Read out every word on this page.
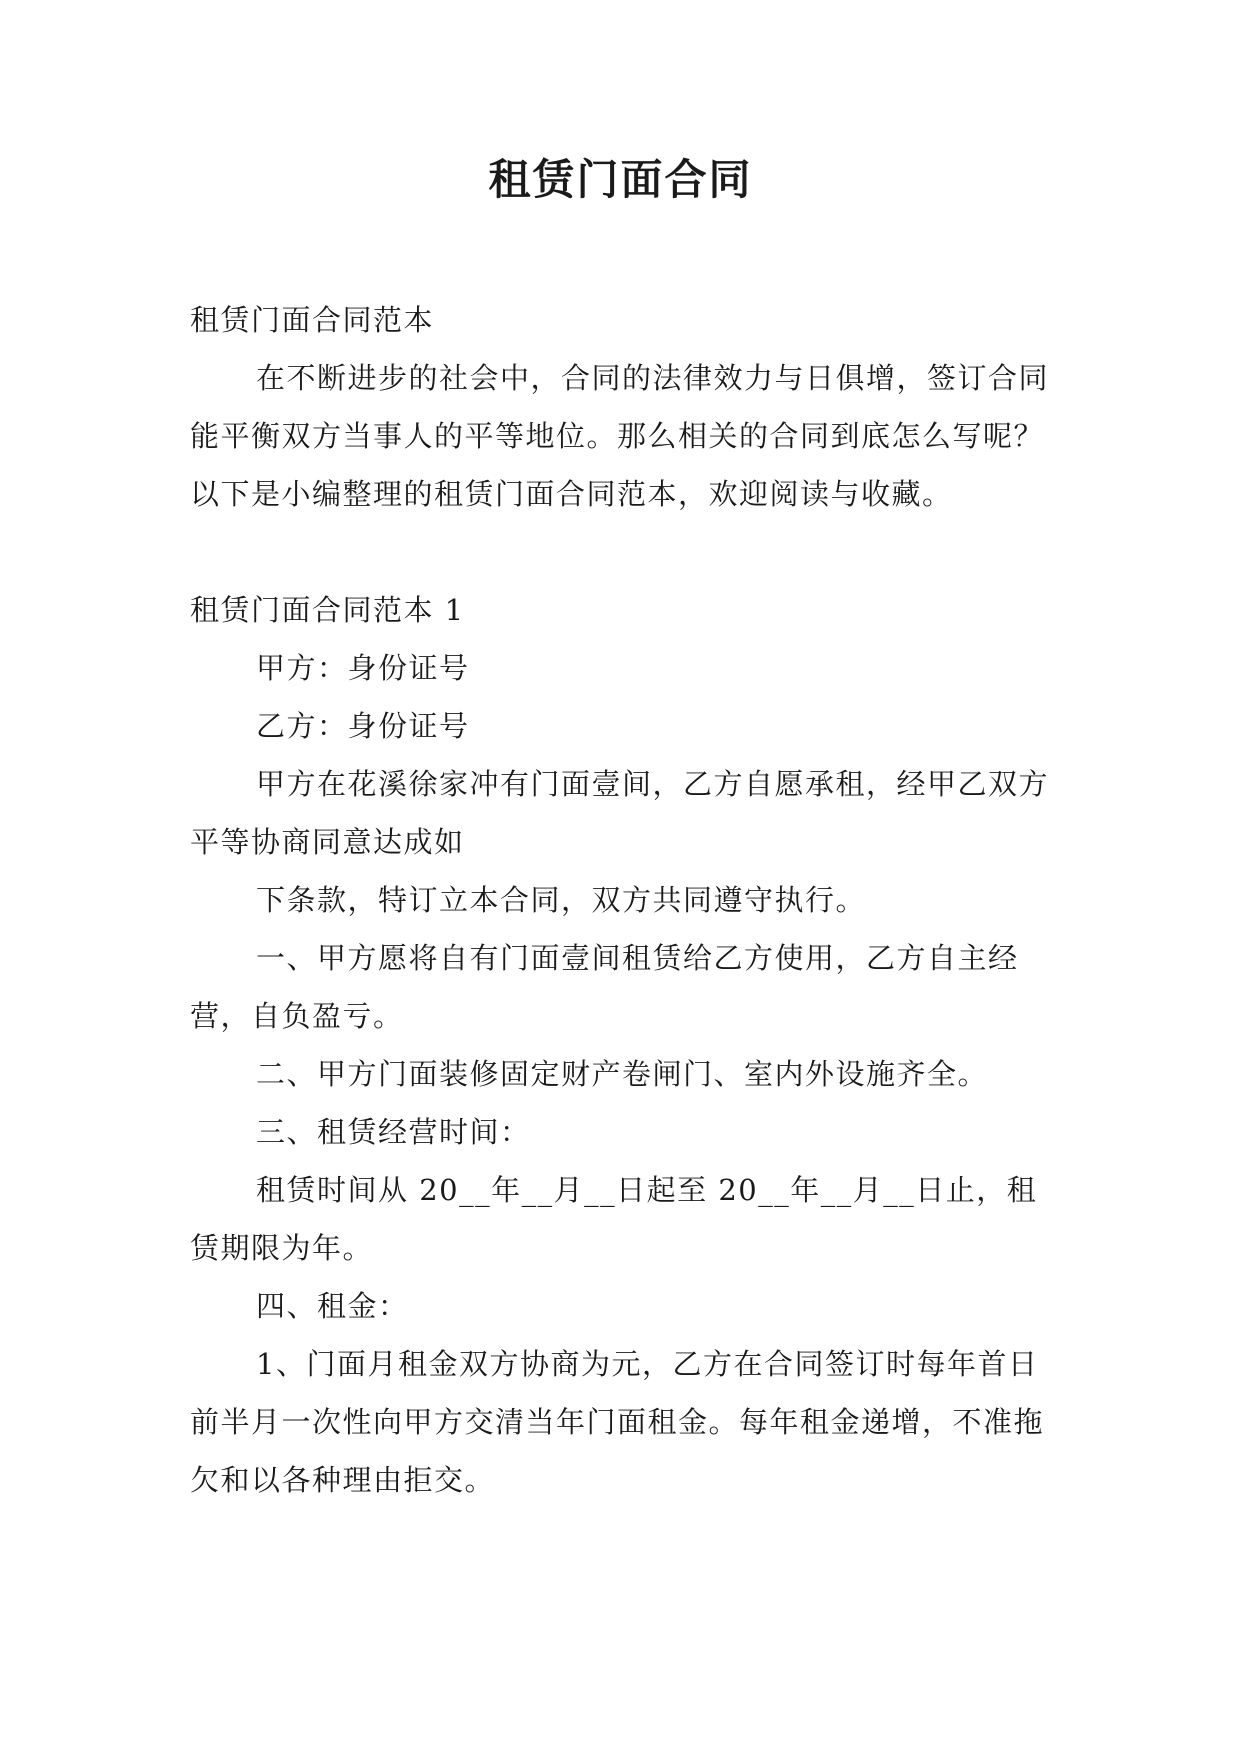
租赁门面合同

租赁门面合同范本

在不断进步的社会中，合同的法律效力与日俱增，签订合同能平衡双方当事人的平等地位。那么相关的合同到底怎么写呢？以下是小编整理的租赁门面合同范本，欢迎阅读与收藏。

租赁门面合同范本 1

甲方：身份证号

乙方：身份证号

甲方在花溪徐家冲有门面壹间，乙方自愿承租，经甲乙双方平等协商同意达成如

下条款，特订立本合同，双方共同遵守执行。

一、甲方愿将自有门面壹间租赁给乙方使用，乙方自主经营，自负盈亏。

二、甲方门面装修固定财产卷闸门、室内外设施齐全。

三、租赁经营时间：

租赁时间从 20__年__月__日起至 20__年__月__日止，租赁期限为年。

四、租金：

1、门面月租金双方协商为元，乙方在合同签订时每年首日前半月一次性向甲方交清当年门面租金。每年租金递增，不准拖欠和以各种理由拒交。
